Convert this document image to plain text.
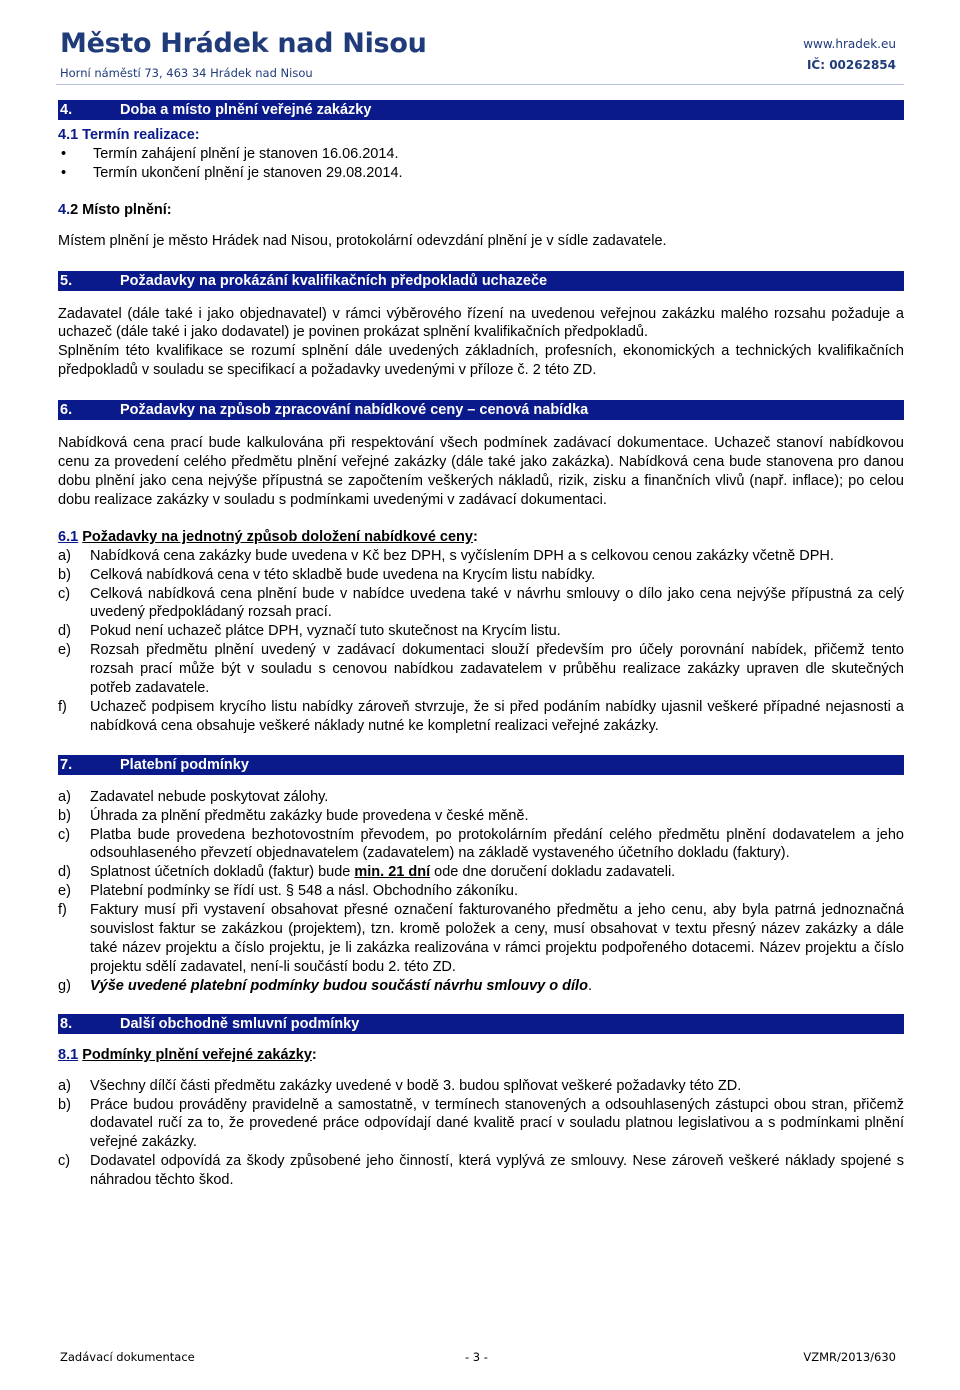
Město Hrádek nad Nisou
Horní náměstí 73, 463 34 Hrádek nad Nisou
www.hradek.eu
IČ: 00262854
4.	Doba a místo plnění veřejné zakázky
4.1 Termín realizace:
• Termín zahájení plnění je stanoven 16.06.2014.
• Termín ukončení plnění je stanoven 29.08.2014.
4.2 Místo plnění:

Místem plnění je město Hrádek nad Nisou, protokolární odevzdání plnění je v sídle zadavatele.

5.	Požadavky na prokázání kvalifikačních předpokladů uchazeče

Zadavatel (dále také i jako objednavatel) v rámci výběrového řízení na uvedenou veřejnou zakázku malého rozsahu požaduje a uchazeč (dále také i jako dodavatel) je povinen prokázat splnění kvalifikačních předpokladů.

Splněním této kvalifikace se rozumí splnění dále uvedených základních, profesních, ekonomických a technických kvalifikačních předpokladů v souladu se specifikací a požadavky uvedenými v příloze č. 2 této ZD.

6.	Požadavky na způsob zpracování nabídkové ceny – cenová nabídka

Nabídková cena prací bude kalkulována při respektování všech podmínek zadávací dokumentace. Uchazeč stanoví nabídkovou cenu za provedení celého předmětu plnění veřejné zakázky (dále také jako zakázka). Nabídková cena bude stanovena pro danou dobu plnění jako cena nejvýše přípustná se započtením veškerých nákladů, rizik, zisku a finančních vlivů (např. inflace); po celou dobu realizace zakázky v souladu s podmínkami uvedenými v zadávací dokumentaci.

6.1 Požadavky na jednotný způsob doložení nabídkové ceny:
a)	Nabídková cena zakázky bude uvedena v Kč bez DPH, s vyčíslením DPH a s celkovou cenou zakázky včetně DPH.
b)	Celková nabídková cena v této skladbě bude uvedena na Krycím listu nabídky.
c)	Celková nabídková cena plnění bude v nabídce uvedena také v návrhu smlouvy o dílo jako cena nejvýše přípustná za celý uvedený předpokládaný rozsah prací.
d)	Pokud není uchazeč plátce DPH, vyznačí tuto skutečnost na Krycím listu.
e)	Rozsah předmětu plnění uvedený v zadávací dokumentaci slouží především pro účely porovnání nabídek, přičemž tento rozsah prací může být v souladu s cenovou nabídkou zadavatelem v průběhu realizace zakázky upraven dle skutečných potřeb zadavatele.
f)	Uchazeč podpisem krycího listu nabídky zároveň stvrzuje, že si před podáním nabídky ujasnil veškeré případné nejasnosti a nabídková cena obsahuje veškeré náklady nutné ke kompletní realizaci veřejné zakázky.
7.	Platební podmínky
a)	Zadavatel nebude poskytovat zálohy.
b)	Úhrada za plnění předmětu zakázky bude provedena v české měně.
c)	Platba bude provedena bezhotovostním převodem, po protokolárním předání celého předmětu plnění dodavatelem a jeho odsouhlaseného převzetí objednavatelem (zadavatelem) na základě vystaveného účetního dokladu (faktury).
d)	Splatnost účetních dokladů (faktur) bude min. 21 dní ode dne doručení dokladu zadavateli.
e)	Platební podmínky se řídí ust. § 548 a násl. Obchodního zákoníku.
f)	Faktury musí při vystavení obsahovat přesné označení fakturovaného předmětu a jeho cenu, aby byla patrná jednoznačná souvislost faktur se zakázkou (projektem), tzn. kromě položek a ceny, musí obsahovat v textu přesný název zakázky a dále také název projektu a číslo projektu, je li zakázka realizována v rámci projektu podpořeného dotacemi. Název projektu a číslo projektu sdělí zadavatel, není-li součástí bodu 2. této ZD.
g)	Výše uvedené platební podmínky budou součástí návrhu smlouvy o dílo.
8.	Další obchodně smluvní podmínky
8.1 Podmínky plnění veřejné zakázky:
a)	Všechny dílčí části předmětu zakázky uvedené v bodě 3. budou splňovat veškeré požadavky této ZD.
b)	Práce budou prováděny pravidelně a samostatně, v termínech stanovených a odsouhlasených zástupci obou stran, přičemž dodavatel ručí za to, že provedené práce odpovídají dané kvalitě prací v souladu platnou legislativou a s podmínkami plnění veřejné zakázky.
c)	Dodavatel odpovídá za škody způsobené jeho činností, která vyplývá ze smlouvy. Nese zároveň veškeré náklady spojené s náhradou těchto škod.
Zadávací dokumentace	- 3 -	VZMR/2013/630
